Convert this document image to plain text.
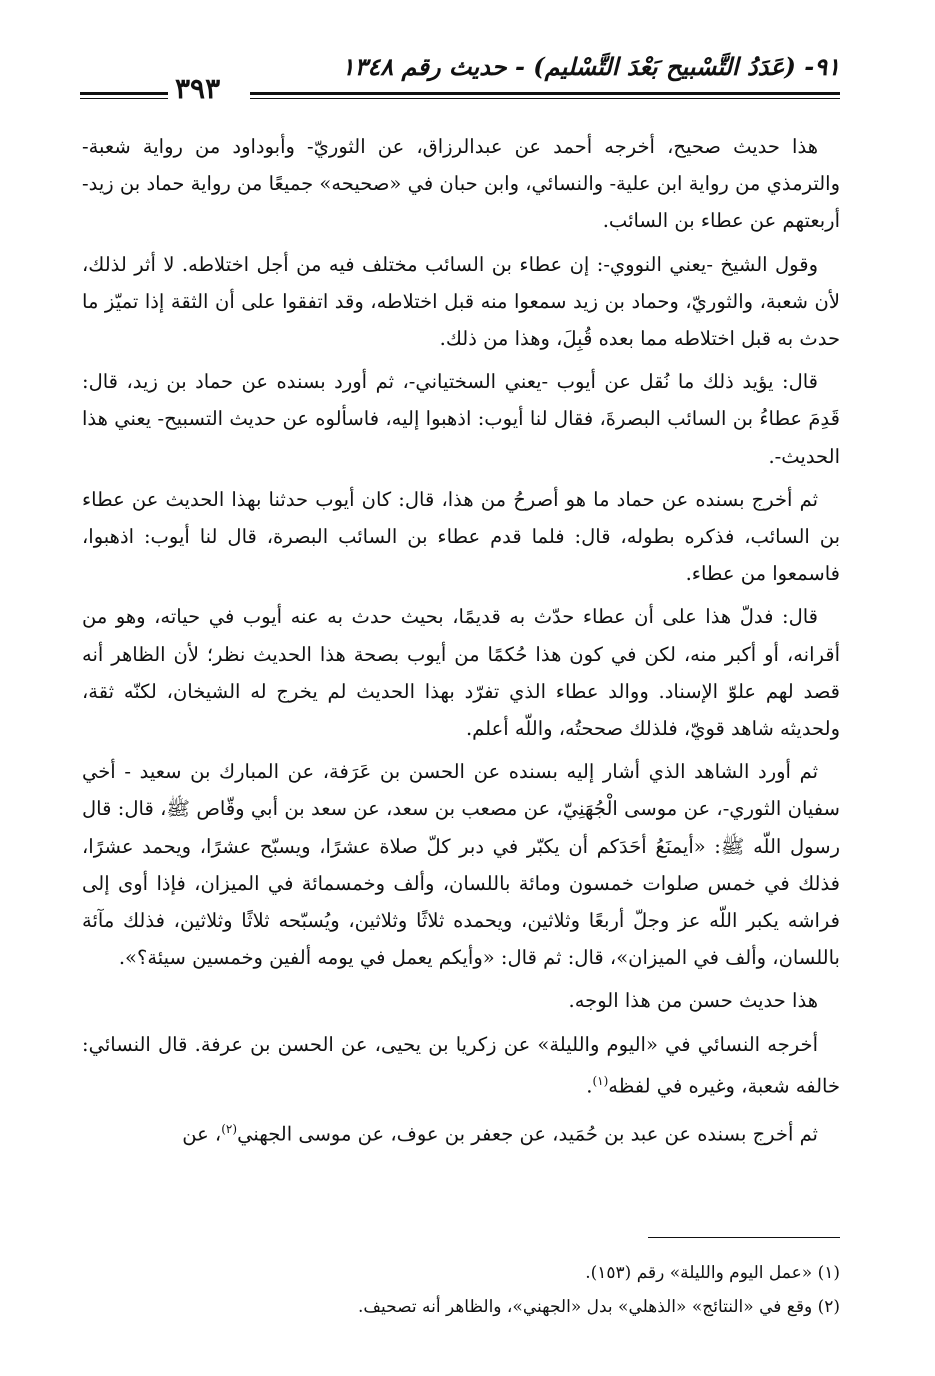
٩١- (عَدَدُ التَّسْبيح بَعْدَ التَّسْليم) - حديث رقم ١٣٤٨
٣٩٣

هذا حديث صحيح، أخرجه أحمد عن عبدالرزاق، عن الثوريّ- وأبوداود من رواية شعبة- والترمذي من رواية ابن علية- والنسائي، وابن حبان في «صحيحه» جميعًا من رواية حماد بن زيد- أربعتهم عن عطاء بن السائب.

وقول الشيخ -يعني النووي-: إن عطاء بن السائب مختلف فيه من أجل اختلاطه. لا أثر لذلك، لأن شعبة، والثوريّ، وحماد بن زيد سمعوا منه قبل اختلاطه، وقد اتفقوا على أن الثقة إذا تميّز ما حدث به قبل اختلاطه مما بعده قُبِلَ، وهذا من ذلك.

قال: يؤيد ذلك ما نُقل عن أيوب -يعني السختياني-، ثم أورد بسنده عن حماد بن زيد، قال: قَدِمَ عطاءُ بن السائب البصرةَ، فقال لنا أيوب: اذهبوا إليه، فاسألوه عن حديث التسبيح- يعني هذا الحديث-.

ثم أخرج بسنده عن حماد ما هو أصرحُ من هذا، قال: كان أيوب حدثنا بهذا الحديث عن عطاء بن السائب، فذكره بطوله، قال: فلما قدم عطاء بن السائب البصرة، قال لنا أيوب: اذهبوا، فاسمعوا من عطاء.

قال: فدلّ هذا على أن عطاء حدّث به قديمًا، بحيث حدث به عنه أيوب في حياته، وهو من أقرانه، أو أكبر منه، لكن في كون هذا حُكمًا من أيوب بصحة هذا الحديث نظر؛ لأن الظاهر أنه قصد لهم علوّ الإسناد. ووالد عطاء الذي تفرّد بهذا الحديث لم يخرج له الشيخان، لكنّه ثقة، ولحديثه شاهد قويّ، فلذلك صححتُه، واللّه أعلم.

ثم أورد الشاهد الذي أشار إليه بسنده عن الحسن بن عَرَفة، عن المبارك بن سعيد - أخي سفيان الثوري-، عن موسى الْجُهَنِيّ، عن مصعب بن سعد، عن سعد بن أبي وقّاص ﷺ، قال: قال رسول اللّه ﷺ: «أيمنَعُ أحَدَكم أن يكبّر في دبر كلّ صلاة عشرًا، ويسبّح عشرًا، ويحمد عشرًا، فذلك في خمس صلوات خمسون ومائة باللسان، وألف وخمسمائة في الميزان، فإذا أوى إلى فراشه يكبر اللّه عز وجلّ أربعًا وثلاثين، ويحمده ثلاثًا وثلاثين، ويُسبّحه ثلاثًا وثلاثين، فذلك مآئة باللسان، وألف في الميزان»، قال: ثم قال: «وأيكم يعمل في يومه ألفين وخمسين سيئة؟».

هذا حديث حسن من هذا الوجه.

أخرجه النسائي في «اليوم والليلة» عن زكريا بن يحيى، عن الحسن بن عرفة. قال النسائي: خالفه شعبة، وغيره في لفظه$^{(١)}$.

ثم أخرج بسنده عن عبد بن حُمَيد، عن جعفر بن عوف، عن موسى الجهني$^{(٢)}$، عن

(١) «عمل اليوم والليلة» رقم (١٥٣).

(٢) وقع في «النتائج» «الذهلي» بدل «الجهني»، والظاهر أنه تصحيف.
